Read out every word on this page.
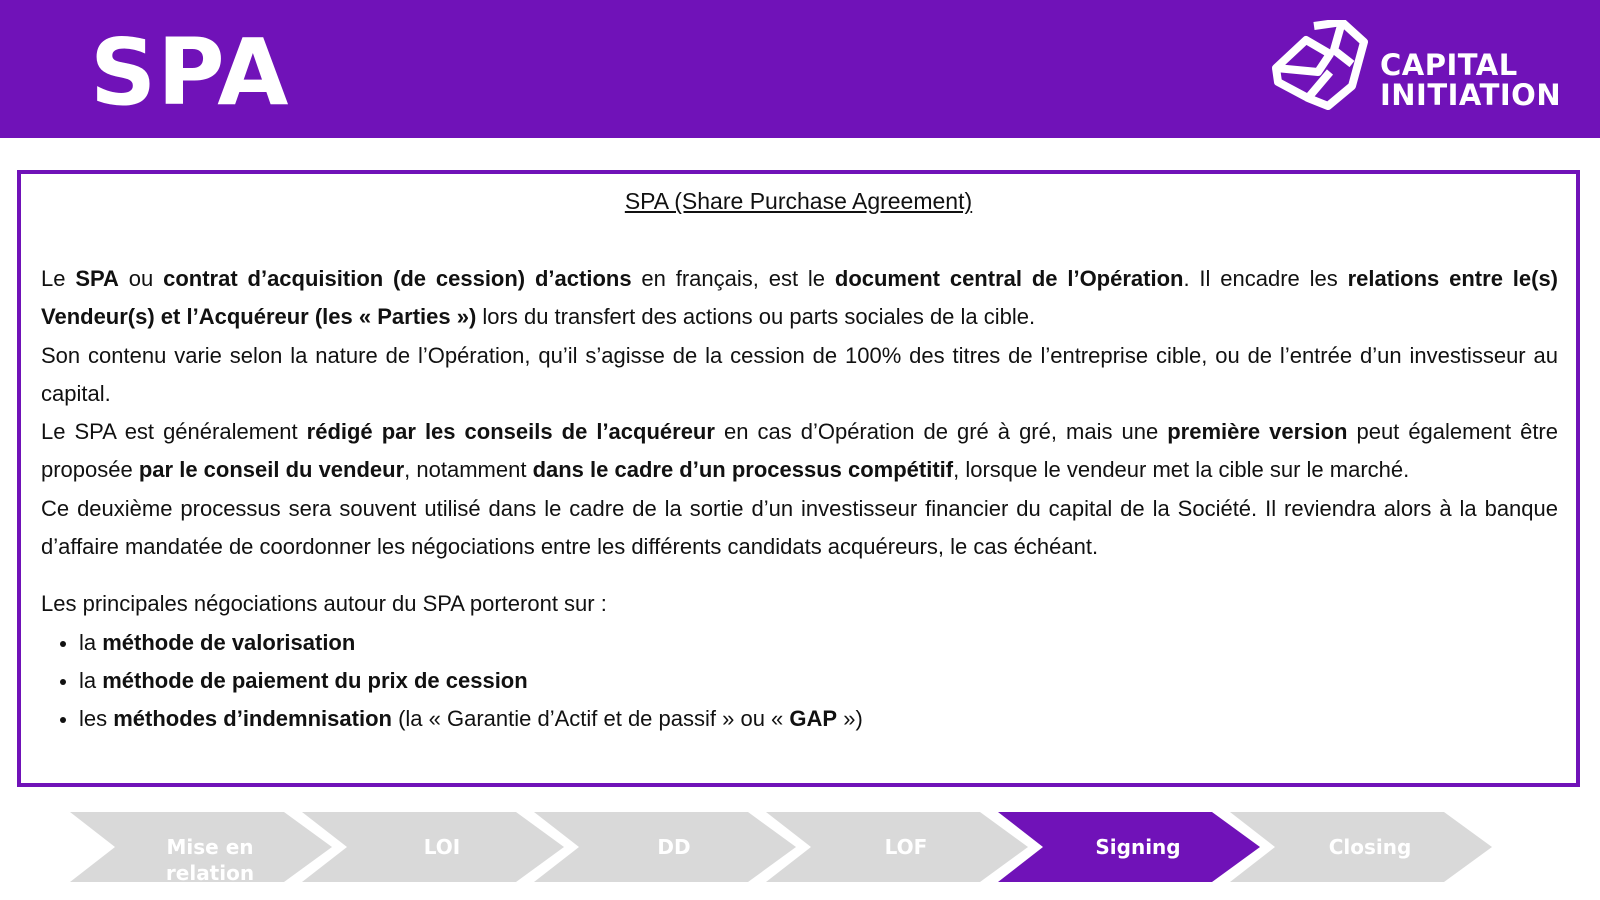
SPA	CAPITAL
INITIATION
SPA (Share Purchase Agreement)

Le SPA ou contrat d’acquisition (de cession) d’actions en français, est le document central de l’Opération. Il encadre les relations entre le(s) Vendeur(s) et l’Acquéreur (les « Parties ») lors du transfert des actions ou parts sociales de la cible.

Son contenu varie selon la nature de l’Opération, qu’il s’agisse de la cession de 100% des titres de l’entreprise cible, ou de l’entrée d’un investisseur au capital.

Le SPA est généralement rédigé par les conseils de l’acquéreur en cas d’Opération de gré à gré, mais une première version peut également être proposée par le conseil du vendeur, notamment dans le cadre d’un processus compétitif, lorsque le vendeur met la cible sur le marché.

Ce deuxième processus sera souvent utilisé dans le cadre de la sortie d’un investisseur financier du capital de la Société. Il reviendra alors à la banque d’affaire mandatée de coordonner les négociations entre les différents candidats acquéreurs, le cas échéant.

Les principales négociations autour du SPA porteront sur :

la méthode de valorisation
la méthode de paiement du prix de cession
les méthodes d’indemnisation (la « Garantie d’Actif et de passif » ou « GAP »)
Mise en relation
LOI	DD	LOF	Signing	Closing
